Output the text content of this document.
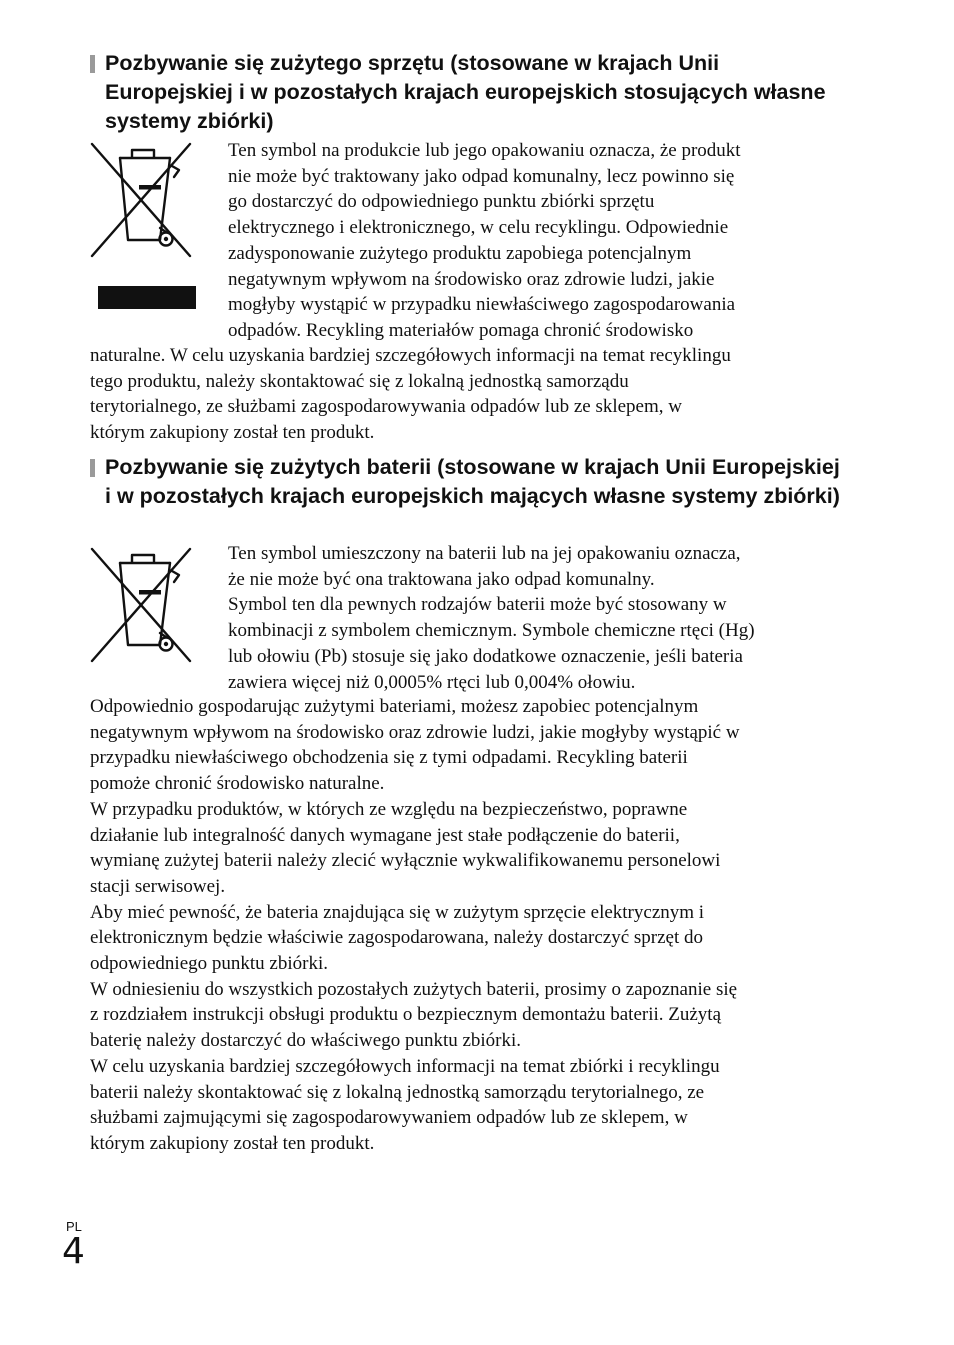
Pozbywanie się zużytego sprzętu (stosowane w krajach Unii Europejskiej i w pozostałych krajach europejskich stosujących własne systemy zbiórki)
Ten symbol na produkcie lub jego opakowaniu oznacza, że produkt
nie może być traktowany jako odpad komunalny, lecz powinno się
go dostarczyć do odpowiedniego punktu zbiórki sprzętu
elektrycznego i elektronicznego, w celu recyklingu. Odpowiednie
zadysponowanie zużytego produktu zapobiega potencjalnym
negatywnym wpływom na środowisko oraz zdrowie ludzi, jakie
mogłyby wystąpić w przypadku niewłaściwego zagospodarowania
odpadów. Recykling materiałów pomaga chronić środowisko
naturalne. W celu uzyskania bardziej szczegółowych informacji na temat recyklingu
tego produktu, należy skontaktować się z lokalną jednostką samorządu
terytorialnego, ze służbami zagospodarowywania odpadów lub ze sklepem, w
którym zakupiony został ten produkt.
Pozbywanie się zużytych baterii (stosowane w krajach Unii Europejskiej i w pozostałych krajach europejskich mających własne systemy zbiórki)
Ten symbol umieszczony na baterii lub na jej opakowaniu oznacza,
że nie może być ona traktowana jako odpad komunalny.
Symbol ten dla pewnych rodzajów baterii może być stosowany w
kombinacji z symbolem chemicznym. Symbole chemiczne rtęci (Hg)
lub ołowiu (Pb) stosuje się jako dodatkowe oznaczenie, jeśli bateria
zawiera więcej niż 0,0005% rtęci lub 0,004% ołowiu.
Odpowiednio gospodarując zużytymi bateriami, możesz zapobiec potencjalnym
negatywnym wpływom na środowisko oraz zdrowie ludzi, jakie mogłyby wystąpić w
przypadku niewłaściwego obchodzenia się z tymi odpadami. Recykling baterii
pomoże chronić środowisko naturalne.
W przypadku produktów, w których ze względu na bezpieczeństwo, poprawne
działanie lub integralność danych wymagane jest stałe podłączenie do baterii,
wymianę zużytej baterii należy zlecić wyłącznie wykwalifikowanemu personelowi
stacji serwisowej.
Aby mieć pewność, że bateria znajdująca się w zużytym sprzęcie elektrycznym i
elektronicznym będzie właściwie zagospodarowana, należy dostarczyć sprzęt do
odpowiedniego punktu zbiórki.
W odniesieniu do wszystkich pozostałych zużytych baterii, prosimy o zapoznanie się
z rozdziałem instrukcji obsługi produktu o bezpiecznym demontażu baterii. Zużytą
baterię należy dostarczyć do właściwego punktu zbiórki.
W celu uzyskania bardziej szczegółowych informacji na temat zbiórki i recyklingu
baterii należy skontaktować się z lokalną jednostką samorządu terytorialnego, ze
służbami zajmującymi się zagospodarowywaniem odpadów lub ze sklepem, w
którym zakupiony został ten produkt.
PL
4
